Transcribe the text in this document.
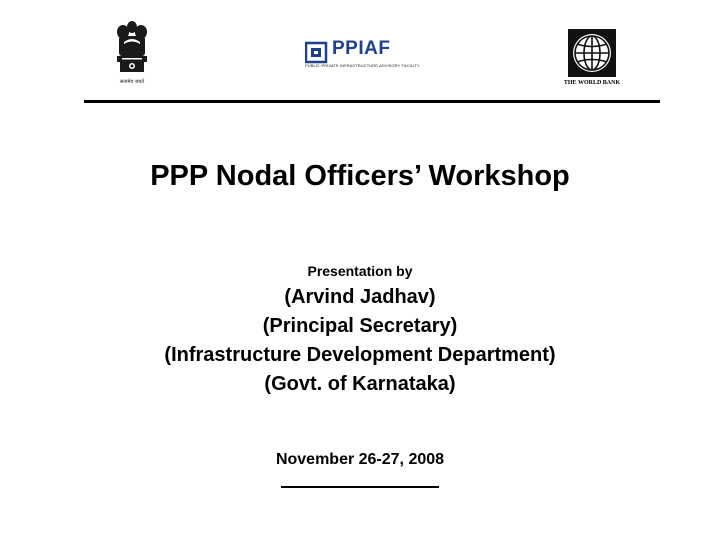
सत्यमेव जयते
PPIAF
PUBLIC-PRIVATE INFRASTRUCTURE ADVISORY FACILITY
THE WORLD BANK
PPP Nodal Officers’ Workshop
Presentation by
(Arvind Jadhav)
(Principal Secretary)
(Infrastructure Development Department)
(Govt. of Karnataka)
November 26-27, 2008
